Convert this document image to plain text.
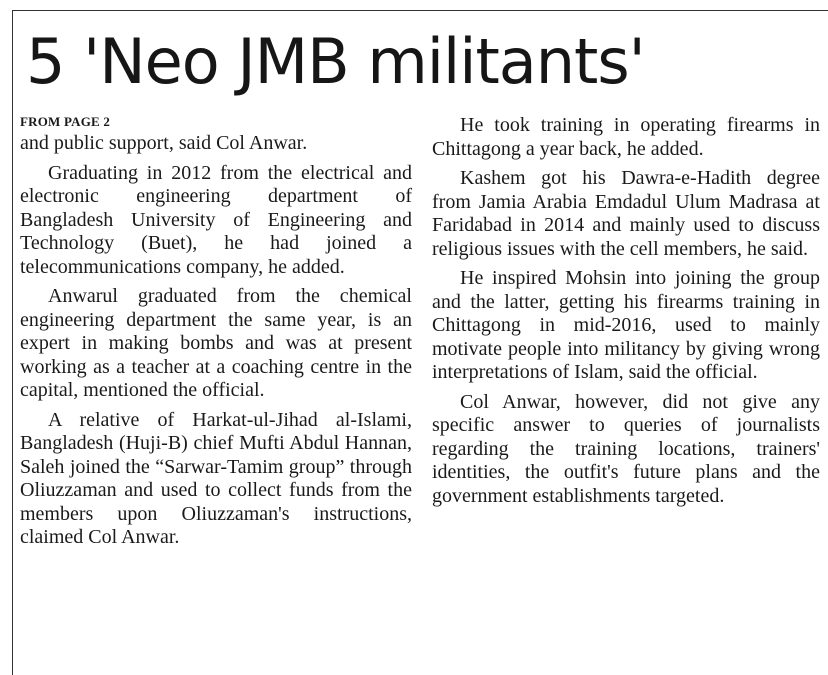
5 'Neo JMB militants'
FROM PAGE 2

and public support, said Col Anwar.

Graduating in 2012 from the electrical and electronic engineering department of Bangladesh University of Engineering and Technology (Buet), he had joined a telecommunications company, he added.

Anwarul graduated from the chemical engineering department the same year, is an expert in making bombs and was at present working as a teacher at a coaching centre in the capital, mentioned the official.

A relative of Harkat-ul-Jihad al-Islami, Bangladesh (Huji-B) chief Mufti Abdul Hannan, Saleh joined the “Sarwar-Tamim group” through Oliuzzaman and used to collect funds from the members upon Oliuzzaman's instructions, claimed Col Anwar.

He took training in operating firearms in Chittagong a year back, he added.

Kashem got his Dawra-e-Hadith degree from Jamia Arabia Emdadul Ulum Madrasa at Faridabad in 2014 and mainly used to discuss religious issues with the cell members, he said.

He inspired Mohsin into joining the group and the latter, getting his firearms training in Chittagong in mid-2016, used to mainly motivate people into militancy by giving wrong interpretations of Islam, said the official.

Col Anwar, however, did not give any specific answer to queries of journalists regarding the training locations, trainers' identities, the outfit's future plans and the government establishments targeted.
